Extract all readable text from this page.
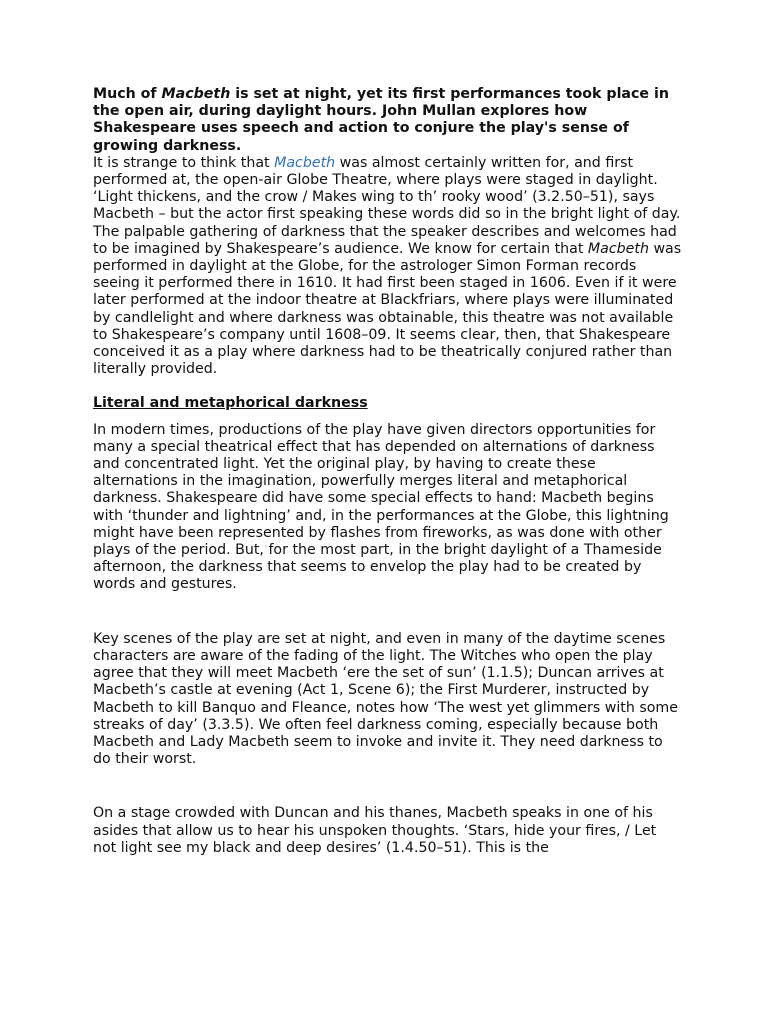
Much of Macbeth is set at night, yet its first performances took place in the open air, during daylight hours. John Mullan explores how Shakespeare uses speech and action to conjure the play's sense of growing darkness.

It is strange to think that Macbeth was almost certainly written for, and first performed at, the open-air Globe Theatre, where plays were staged in daylight. ‘Light thickens, and the crow / Makes wing to th’ rooky wood’ (3.2.50–51), says Macbeth – but the actor first speaking these words did so in the bright light of day. The palpable gathering of darkness that the speaker describes and welcomes had to be imagined by Shakespeare’s audience. We know for certain that Macbeth was performed in daylight at the Globe, for the astrologer Simon Forman records seeing it performed there in 1610. It had first been staged in 1606. Even if it were later performed at the indoor theatre at Blackfriars, where plays were illuminated by candlelight and where darkness was obtainable, this theatre was not available to Shakespeare’s company until 1608–09. It seems clear, then, that Shakespeare conceived it as a play where darkness had to be theatrically conjured rather than literally provided.

Literal and metaphorical darkness

In modern times, productions of the play have given directors opportunities for many a special theatrical effect that has depended on alternations of darkness and concentrated light. Yet the original play, by having to create these alternations in the imagination, powerfully merges literal and metaphorical darkness. Shakespeare did have some special effects to hand: Macbeth begins with ‘thunder and lightning’ and, in the performances at the Globe, this lightning might have been represented by flashes from fireworks, as was done with other plays of the period. But, for the most part, in the bright daylight of a Thameside afternoon, the darkness that seems to envelop the play had to be created by words and gestures.

Key scenes of the play are set at night, and even in many of the daytime scenes characters are aware of the fading of the light. The Witches who open the play agree that they will meet Macbeth ‘ere the set of sun’ (1.1.5); Duncan arrives at Macbeth’s castle at evening (Act 1, Scene 6); the First Murderer, instructed by Macbeth to kill Banquo and Fleance, notes how ‘The west yet glimmers with some streaks of day’ (3.3.5). We often feel darkness coming, especially because both Macbeth and Lady Macbeth seem to invoke and invite it. They need darkness to do their worst.

On a stage crowded with Duncan and his thanes, Macbeth speaks in one of his asides that allow us to hear his unspoken thoughts. ‘Stars, hide your fires, / Let not light see my black and deep desires’ (1.4.50–51). This is the
